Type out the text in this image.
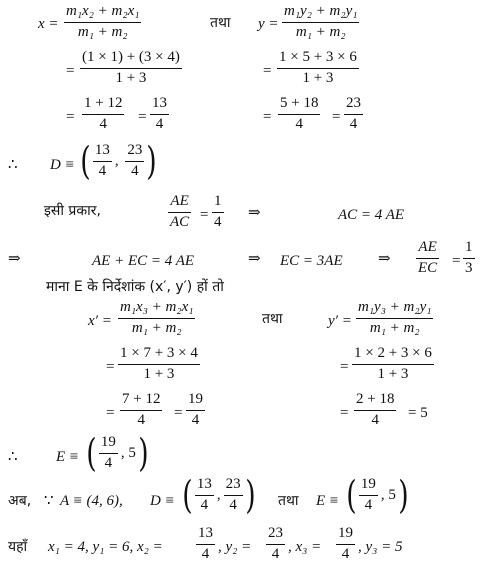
$x = \frac{\text{m₁x₂ + m₂x₁}}{\text{m₁ + m₂}}$	तथा $y = \frac{\text{m₁y₂ + m₂y₁}}{\text{m₁ + m₂}}$
= $\frac{(1 \times 1) + (3 \times 4)}{1 + 3}$	= $\frac{1 \times 5 + 3 \times 6}{1 + 3}$
= $\frac{1 + 12}{4} = \frac{13}{4}$	= $\frac{5 + 18}{4} = \frac{23}{4}$
∴ D ≡ ( $\frac{13}{4}$ , $\frac{23}{4}$ )
इसी प्रकार,	$\frac{AE}{AC} = \frac{1}{4}$ ⇒	AC = 4 AE
⇒	AE + EC = 4 AE	⇒ EC = 3AE ⇒ $\frac{AE}{EC} = \frac{1}{3}$
माना E के निर्देशांक (x′, y′) हों तो
$x' = \frac{\text{m₁x₃ + m₂x₁}}{\text{m₁ + m₂}}$	तथा	$y' = \frac{\text{m₁y₃ + m₂y₁}}{\text{m₁ + m₂}}$
= $\frac{1 \times 7 + 3 \times 4}{1 + 3}$	= $\frac{1 \times 2 + 3 \times 6}{1 + 3}$
= $\frac{7 + 12}{4} = \frac{19}{4}$	= $\frac{2 + 18}{4} = 5$
∴	E ≡ ( $\frac{19}{4}$ , 5 )
अब, ∵ A ≡ (4, 6), D ≡ ( $\frac{13}{4}$ , $\frac{23}{4}$ ) तथा E ≡ ( $\frac{19}{4}$ , 5 )
यहाँ x₁ = 4, y₁ = 6, $x_2 = \frac{13}{4}$ , $y_2 = \frac{23}{4}$ , $x_3 = \frac{19}{4}$ , y₃ = 5
